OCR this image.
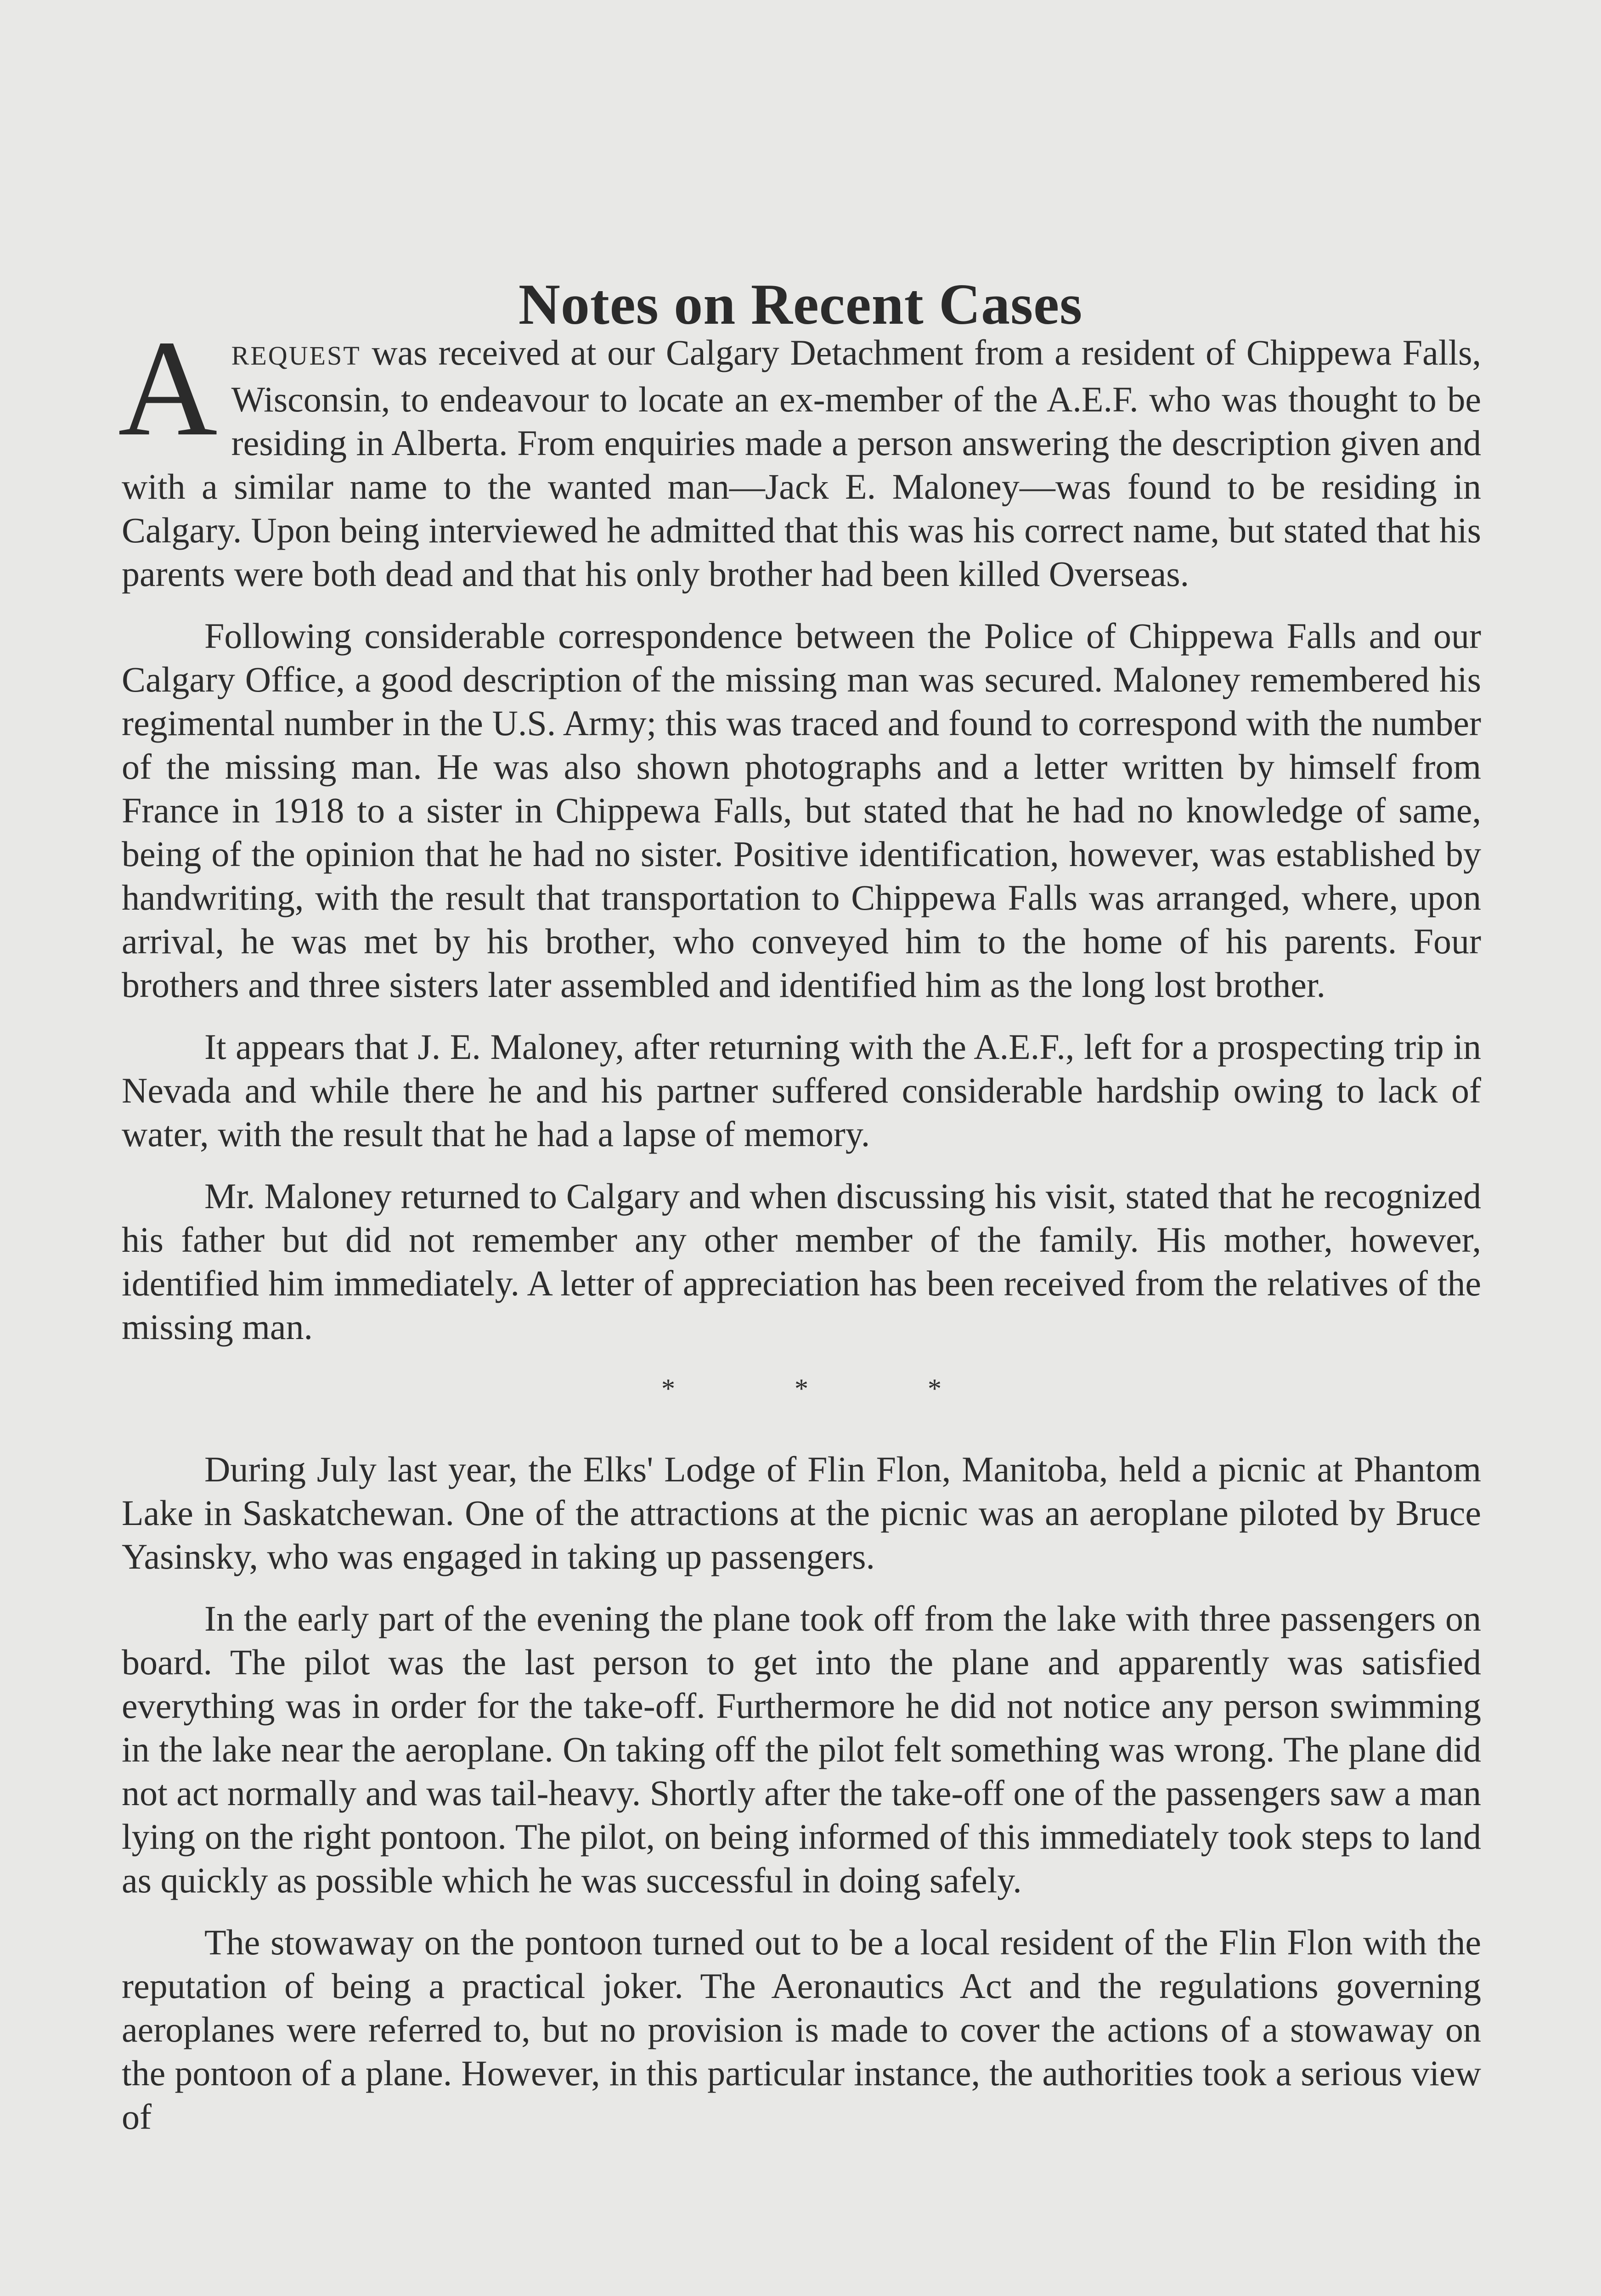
Notes on Recent Cases

AREQUEST was received at our Calgary Detachment from a resident of Chippewa Falls, Wisconsin, to endeavour to locate an ex-member of the A.E.F. who was thought to be residing in Alberta. From enquiries made a person answering the description given and with a similar name to the wanted man—Jack E. Maloney—was found to be residing in Calgary. Upon being interviewed he admitted that this was his correct name, but stated that his parents were both dead and that his only brother had been killed Overseas.

Following considerable correspondence between the Police of Chippewa Falls and our Calgary Office, a good description of the missing man was secured. Maloney remembered his regimental number in the U.S. Army; this was traced and found to correspond with the number of the missing man. He was also shown photographs and a letter written by himself from France in 1918 to a sister in Chippewa Falls, but stated that he had no knowledge of same, being of the opinion that he had no sister. Positive identification, however, was established by handwriting, with the result that transportation to Chippewa Falls was arranged, where, upon arrival, he was met by his brother, who conveyed him to the home of his parents. Four brothers and three sisters later assembled and identified him as the long lost brother.

It appears that J. E. Maloney, after returning with the A.E.F., left for a prospecting trip in Nevada and while there he and his partner suffered considerable hardship owing to lack of water, with the result that he had a lapse of memory.

Mr. Maloney returned to Calgary and when discussing his visit, stated that he recognized his father but did not remember any other member of the family. His mother, however, identified him immediately. A letter of appreciation has been received from the relatives of the missing man.

*	*	*

During July last year, the Elks' Lodge of Flin Flon, Manitoba, held a picnic at Phantom Lake in Saskatchewan. One of the attractions at the picnic was an aeroplane piloted by Bruce Yasinsky, who was engaged in taking up passengers.

In the early part of the evening the plane took off from the lake with three passengers on board. The pilot was the last person to get into the plane and apparently was satisfied everything was in order for the take-off. Furthermore he did not notice any person swimming in the lake near the aeroplane. On taking off the pilot felt something was wrong. The plane did not act normally and was tail-heavy. Shortly after the take-off one of the passengers saw a man lying on the right pontoon. The pilot, on being informed of this immediately took steps to land as quickly as possible which he was successful in doing safely.

The stowaway on the pontoon turned out to be a local resident of the Flin Flon with the reputation of being a practical joker. The Aeronautics Act and the regulations governing aeroplanes were referred to, but no provision is made to cover the actions of a stowaway on the pontoon of a plane. However, in this particular instance, the authorities took a serious view of
